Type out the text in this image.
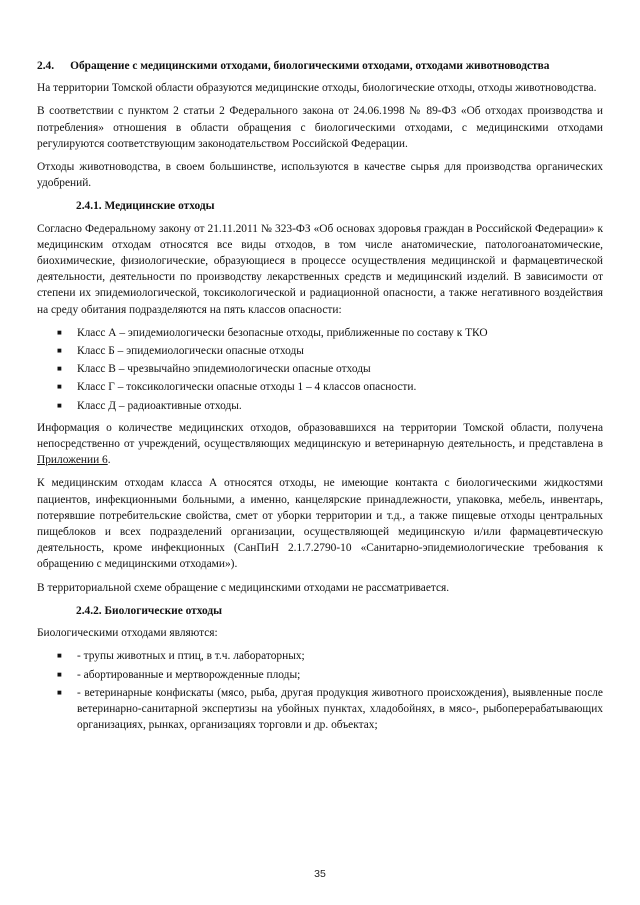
2.4. Обращение с медицинскими отходами, биологическими отходами, отходами животноводства

На территории Томской области образуются медицинские отходы, биологические отходы, отходы животноводства.

В соответствии с пунктом 2 статьи 2 Федерального закона от 24.06.1998 № 89-ФЗ «Об отходах производства и потребления» отношения в области обращения с биологическими отходами, с медицинскими отходами регулируются соответствующим законодательством Российской Федерации.

Отходы животноводства, в своем большинстве, используются в качестве сырья для производства органических удобрений.

2.4.1. Медицинские отходы

Согласно Федеральному закону от 21.11.2011 № 323-ФЗ «Об основах здоровья граждан в Российской Федерации» к медицинским отходам относятся все виды отходов, в том числе анатомические, патологоанатомические, биохимические, физиологические, образующиеся в процессе осуществления медицинской и фармацевтической деятельности, деятельности по производству лекарственных средств и медицинский изделий. В зависимости от степени их эпидемиологической, токсикологической и радиационной опасности, а также негативного воздействия на среду обитания подразделяются на пять классов опасности:

■ Класс А – эпидемиологически безопасные отходы, приближенные по составу к ТКО
■ Класс Б – эпидемиологически опасные отходы
■ Класс В – чрезвычайно эпидемиологически опасные отходы
■ Класс Г – токсикологически опасные отходы 1 – 4 классов опасности.
■ Класс Д – радиоактивные отходы.

Информация о количестве медицинских отходов, образовавшихся на территории Томской области, получена непосредственно от учреждений, осуществляющих медицинскую и ветеринарную деятельность, и представлена в Приложении 6.

К медицинским отходам класса А относятся отходы, не имеющие контакта с биологическими жидкостями пациентов, инфекционными больными, а именно, канцелярские принадлежности, упаковка, мебель, инвентарь, потерявшие потребительские свойства, смет от уборки территории и т.д., а также пищевые отходы центральных пищеблоков и всех подразделений организации, осуществляющей медицинскую и/или фармацевтическую деятельность, кроме инфекционных (СанПиН 2.1.7.2790-10 «Санитарно-эпидемиологические требования к обращению с медицинскими отходами»).

В территориальной схеме обращение с медицинскими отходами не рассматривается.

2.4.2. Биологические отходы

Биологическими отходами являются:

■ - трупы животных и птиц, в т.ч. лабораторных;
■ - абортированные и мертворожденные плоды;
■ - ветеринарные конфискаты (мясо, рыба, другая продукция животного происхождения), выявленные после ветеринарно-санитарной экспертизы на убойных пунктах, хладобойнях, в мясо-, рыбоперерабатывающих организациях, рынках, организациях торговли и др. объектах;
35
